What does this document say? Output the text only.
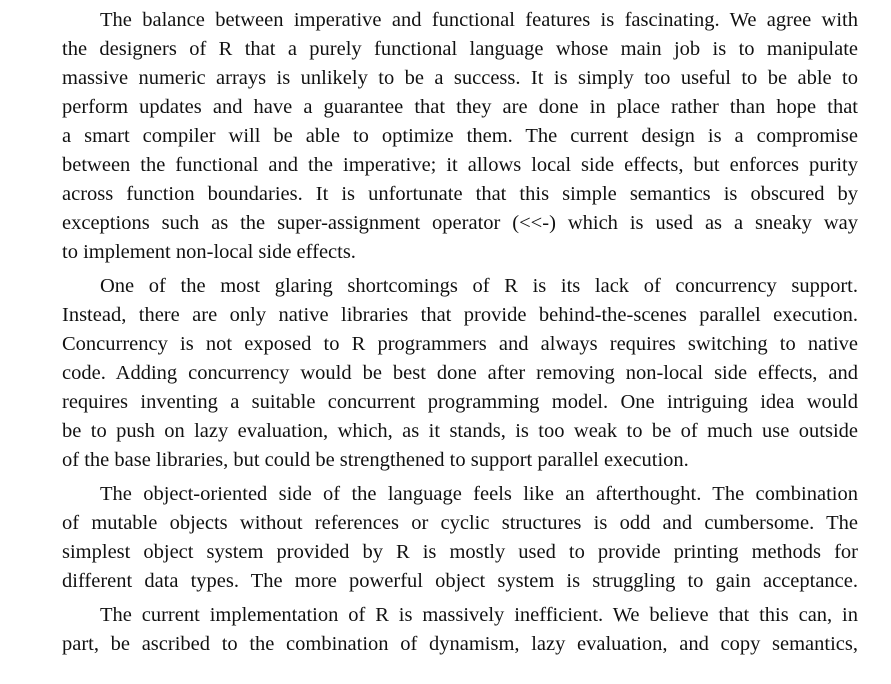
The balance between imperative and functional features is fascinating. We agree with
the designers of R that a purely functional language whose main job is to manipulate
massive numeric arrays is unlikely to be a success. It is simply too useful to be able to
perform updates and have a guarantee that they are done in place rather than hope that
a smart compiler will be able to optimize them. The current design is a compromise
between the functional and the imperative; it allows local side effects, but enforces purity
across function boundaries. It is unfortunate that this simple semantics is obscured by
exceptions such as the super-assignment operator (<<-) which is used as a sneaky way
to implement non-local side effects.

One of the most glaring shortcomings of R is its lack of concurrency support.
Instead, there are only native libraries that provide behind-the-scenes parallel execution.
Concurrency is not exposed to R programmers and always requires switching to native
code. Adding concurrency would be best done after removing non-local side effects, and
requires inventing a suitable concurrent programming model. One intriguing idea would
be to push on lazy evaluation, which, as it stands, is too weak to be of much use outside
of the base libraries, but could be strengthened to support parallel execution.

The object-oriented side of the language feels like an afterthought. The combination
of mutable objects without references or cyclic structures is odd and cumbersome. The
simplest object system provided by R is mostly used to provide printing methods for
different data types. The more powerful object system is struggling to gain acceptance.

The current implementation of R is massively inefficient. We believe that this can, in
part, be ascribed to the combination of dynamism, lazy evaluation, and copy semantics,
